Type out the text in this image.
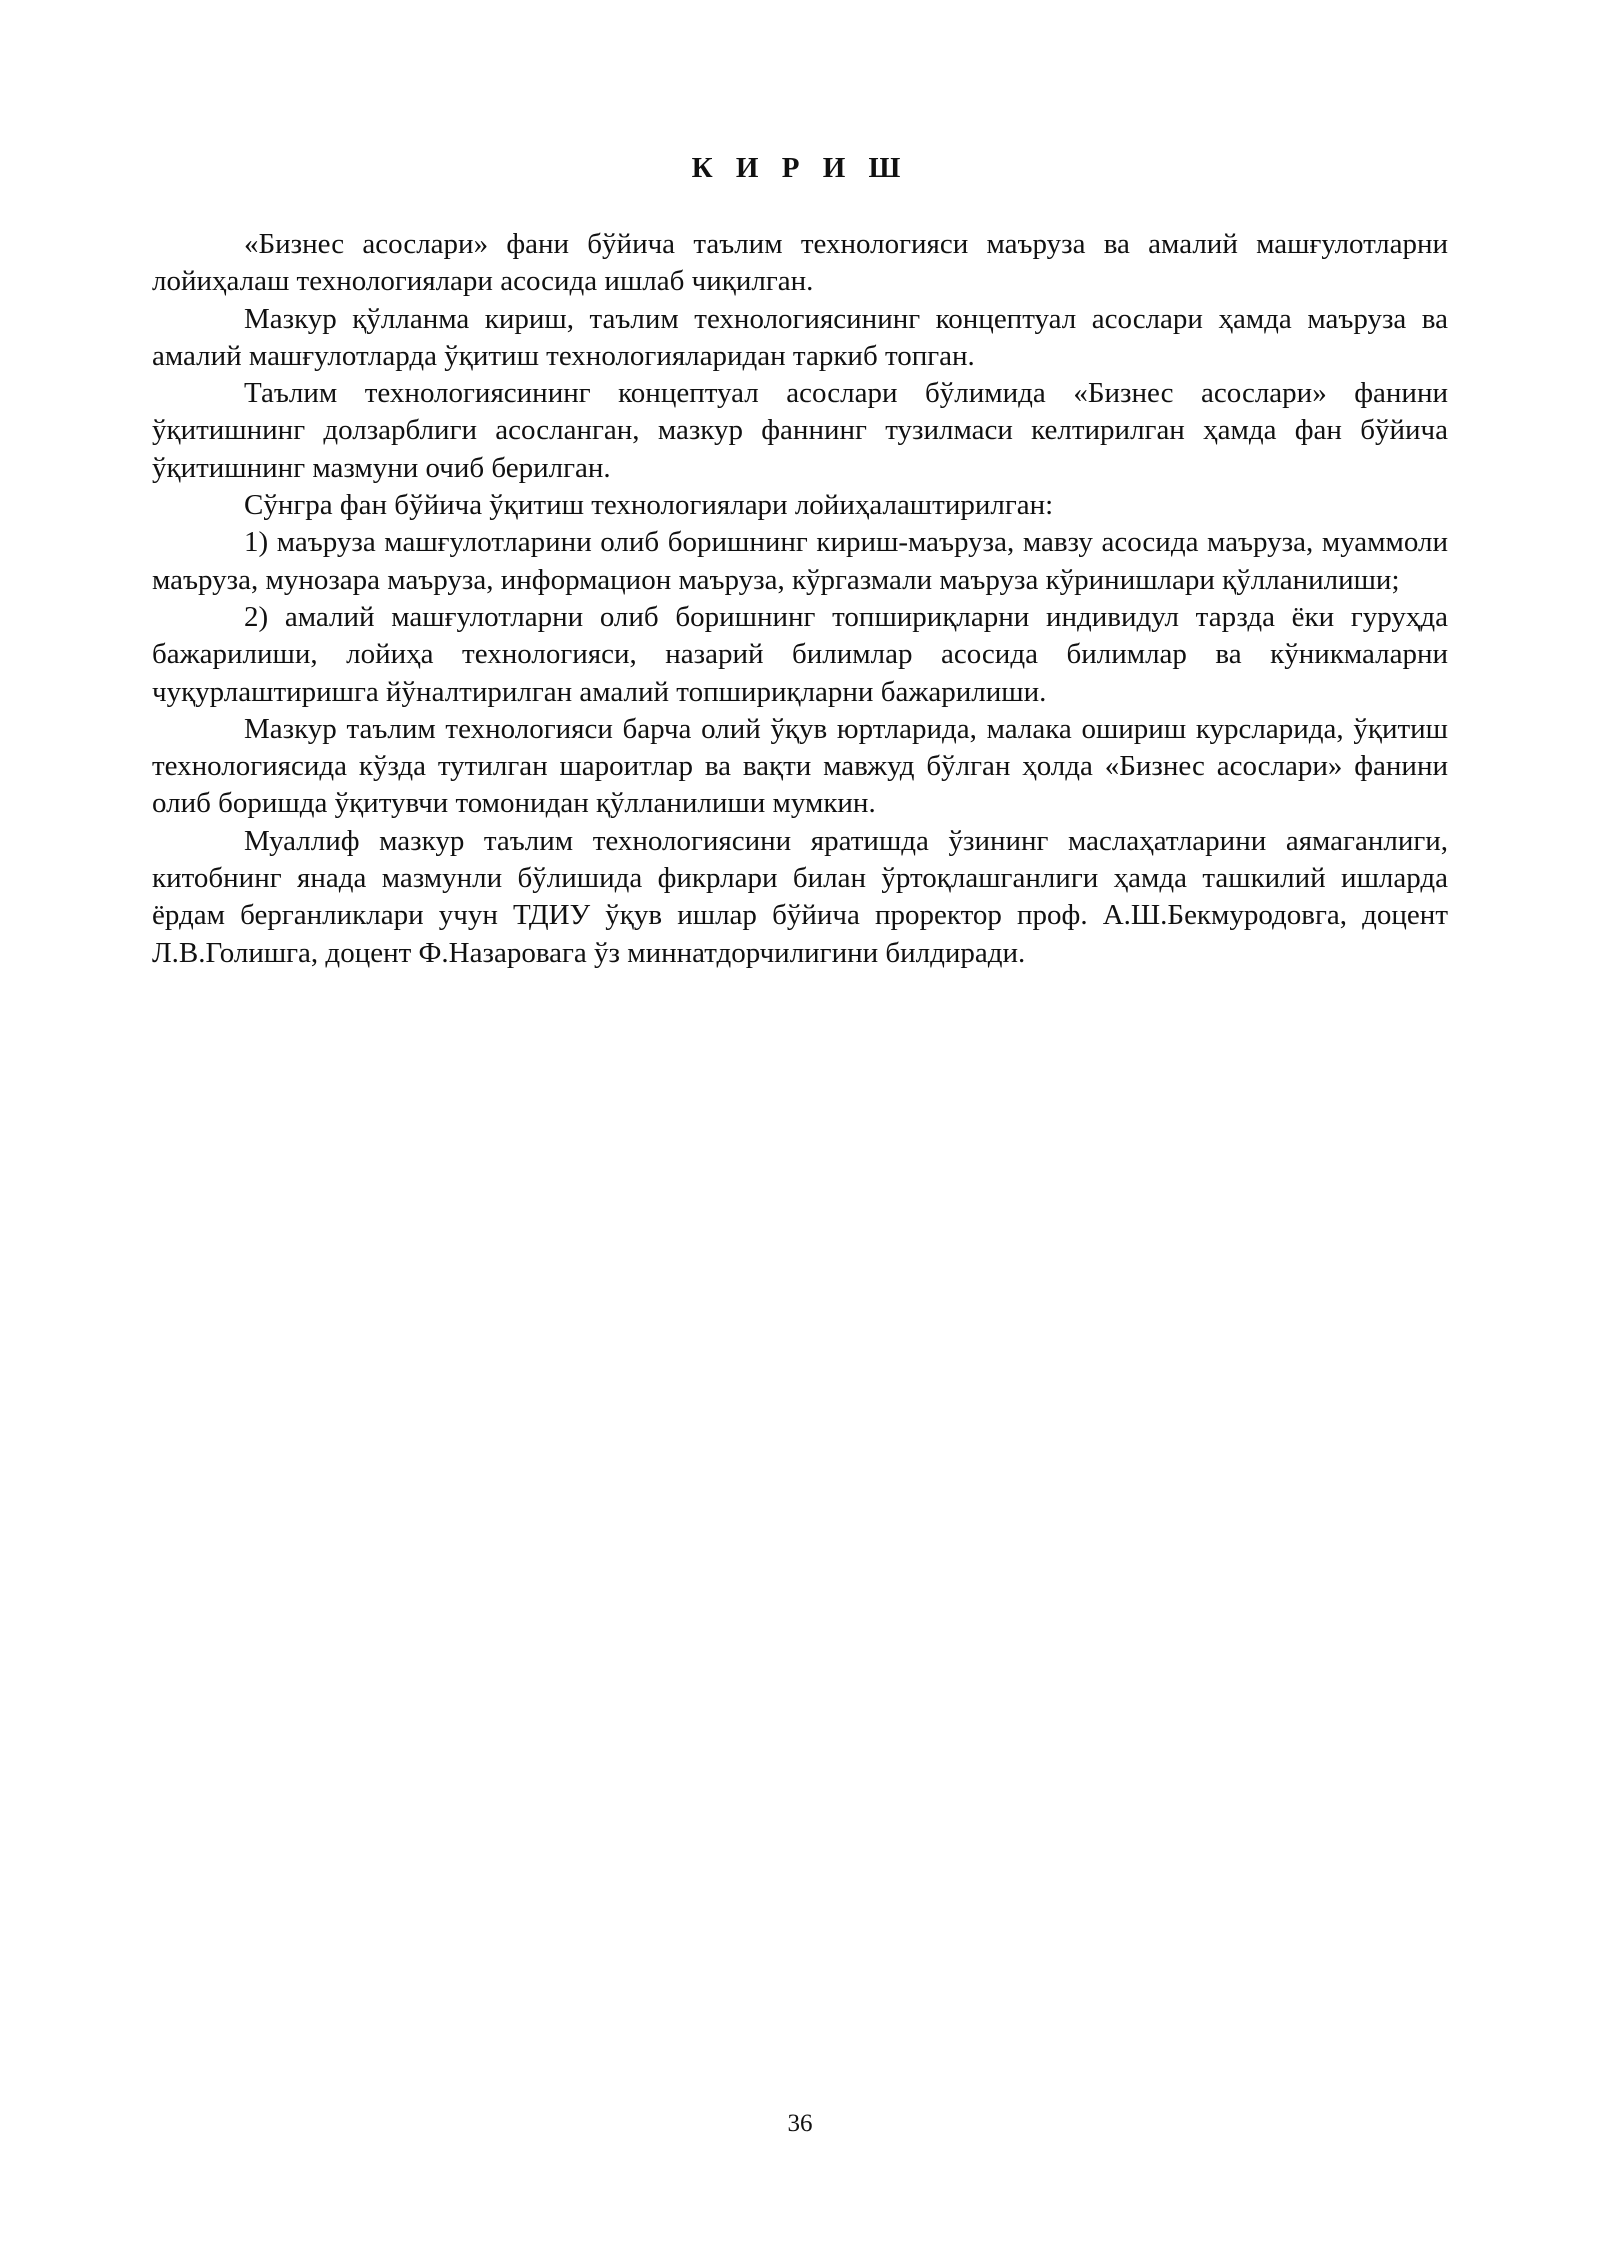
К И Р И Ш

«Бизнес асослари» фани бўйича таълим технологияси маъруза ва амалий машғулотларни лойиҳалаш технологиялари асосида ишлаб чиқилган.

Мазкур қўлланма кириш, таълим технологиясининг концептуал асослари ҳамда маъруза ва амалий машғулотларда ўқитиш технологияларидан таркиб топган.

Таълим технологиясининг концептуал асослари бўлимида «Бизнес асослари» фанини ўқитишнинг долзарблиги асосланган, мазкур фаннинг тузилмаси келтирилган ҳамда фан бўйича ўқитишнинг мазмуни очиб берилган.

Сўнгра фан бўйича ўқитиш технологиялари лойиҳалаштирилган:

1) маъруза машғулотларини олиб боришнинг кириш-маъруза, мавзу асосида маъруза, муаммоли маъруза, мунозара маъруза, информацион маъруза, кўргазмали маъруза кўринишлари қўлланилиши;

2) амалий машғулотларни олиб боришнинг топшириқларни индивидул тарзда ёки гуруҳда бажарилиши, лойиҳа технологияси, назарий билимлар асосида билимлар ва кўникмаларни чуқурлаштиришга йўналтирилган амалий топшириқларни бажарилиши.

Мазкур таълим технологияси барча олий ўқув юртларида, малака ошириш курсларида, ўқитиш технологиясида кўзда тутилган шароитлар ва вақти мавжуд бўлган ҳолда «Бизнес асослари» фанини олиб боришда ўқитувчи томонидан қўлланилиши мумкин.

Муаллиф мазкур таълим технологиясини яратишда ўзининг маслаҳатларини аямаганлиги, китобнинг янада мазмунли бўлишида фикрлари билан ўртоқлашганлиги ҳамда ташкилий ишларда ёрдам берганликлари учун ТДИУ ўқув ишлар бўйича проректор проф. А.Ш.Бекмуродовга, доцент Л.В.Голишга, доцент Ф.Назаровага ўз миннатдорчилигини билдиради.

36
